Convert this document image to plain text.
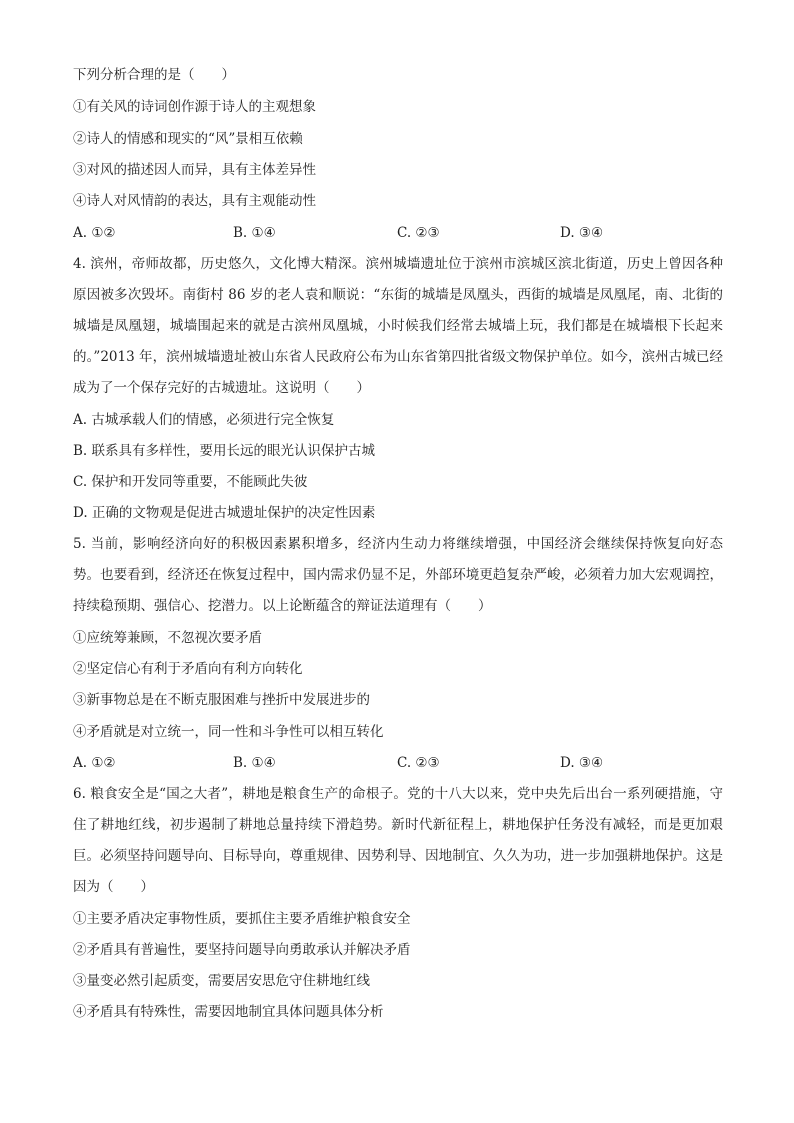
下列分析合理的是（　　）
①有关风的诗词创作源于诗人的主观想象
②诗人的情感和现实的“风”景相互依赖
③对风的描述因人而异，具有主体差异性
④诗人对风情韵的表达，具有主观能动性
A. ①②	B. ①④	C. ②③	D. ③④
4. 滨州，帝师故都，历史悠久，文化博大精深。滨州城墙遗址位于滨州市滨城区滨北街道，历史上曾因各种原因被多次毁坏。南街村 86 岁的老人袁和顺说：“东街的城墙是凤凰头，西街的城墙是凤凰尾，南、北街的城墙是凤凰翅，城墙围起来的就是古滨州凤凰城，小时候我们经常去城墙上玩，我们都是在城墙根下长起来的。”2013 年，滨州城墙遗址被山东省人民政府公布为山东省第四批省级文物保护单位。如今，滨州古城已经成为了一个保存完好的古城遗址。这说明（　　）
A. 古城承载人们的情感，必须进行完全恢复
B. 联系具有多样性，要用长远的眼光认识保护古城
C. 保护和开发同等重要，不能顾此失彼
D. 正确的文物观是促进古城遗址保护的决定性因素
5. 当前，影响经济向好的积极因素累积增多，经济内生动力将继续增强，中国经济会继续保持恢复向好态势。也要看到，经济还在恢复过程中，国内需求仍显不足，外部环境更趋复杂严峻，必须着力加大宏观调控，持续稳预期、强信心、挖潜力。以上论断蕴含的辩证法道理有（　　）
①应统筹兼顾，不忽视次要矛盾
②坚定信心有利于矛盾向有利方向转化
③新事物总是在不断克服困难与挫折中发展进步的
④矛盾就是对立统一，同一性和斗争性可以相互转化
A. ①②	B. ①④	C. ②③	D. ③④
6. 粮食安全是“国之大者”，耕地是粮食生产的命根子。党的十八大以来，党中央先后出台一系列硬措施，守住了耕地红线，初步遏制了耕地总量持续下滑趋势。新时代新征程上，耕地保护任务没有减轻，而是更加艰巨。必须坚持问题导向、目标导向，尊重规律、因势利导、因地制宜、久久为功，进一步加强耕地保护。这是因为（　　）
①主要矛盾决定事物性质，要抓住主要矛盾维护粮食安全
②矛盾具有普遍性，要坚持问题导向勇敢承认并解决矛盾
③量变必然引起质变，需要居安思危守住耕地红线
④矛盾具有特殊性，需要因地制宜具体问题具体分析
